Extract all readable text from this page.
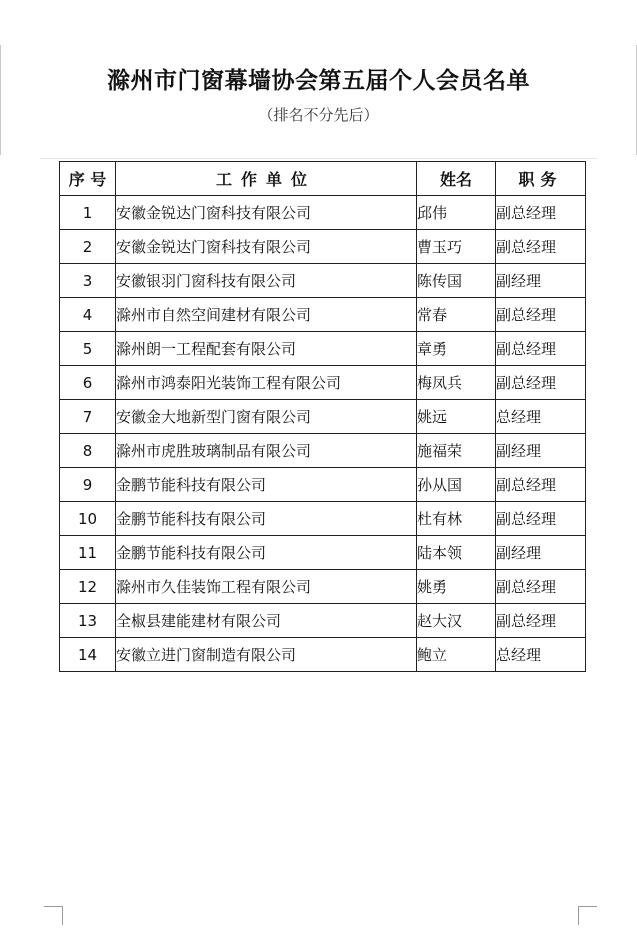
滁州市门窗幕墙协会第五届个人会员名单
（排名不分先后）
序 号	工作单位	姓名	职务
1	安徽金锐达门窗科技有限公司	邱伟	副总经理
2	安徽金锐达门窗科技有限公司	曹玉巧	副总经理
3	安徽银羽门窗科技有限公司	陈传国	副经理
4	滁州市自然空间建材有限公司	常春	副总经理
5	滁州朗一工程配套有限公司	章勇	副总经理
6	滁州市鸿泰阳光装饰工程有限公司	梅凤兵	副总经理
7	安徽金大地新型门窗有限公司	姚远	总经理
8	滁州市虎胜玻璃制品有限公司	施福荣	副经理
9	金鹏节能科技有限公司	孙从国	副总经理
10	金鹏节能科技有限公司	杜有林	副总经理
11	金鹏节能科技有限公司	陆本领	副经理
12	滁州市久佳装饰工程有限公司	姚勇	副总经理
13	全椒县建能建材有限公司	赵大汉	副总经理
14	安徽立进门窗制造有限公司	鲍立	总经理
